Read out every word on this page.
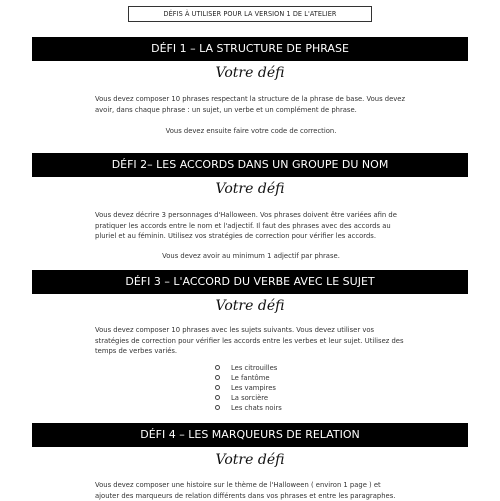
DÉFIS À UTILISER POUR LA VERSION 1 DE L'ATELIER
DÉFI 1 – LA STRUCTURE DE PHRASE
Votre défi
Vous devez composer 10 phrases respectant la structure de la phrase de base. Vous devez avoir, dans chaque phrase : un sujet, un verbe et un complément de phrase.
Vous devez ensuite faire votre code de correction.
DÉFI 2– LES ACCORDS DANS UN GROUPE DU NOM
Votre défi
Vous devez décrire 3 personnages d'Halloween. Vos phrases doivent être variées afin de pratiquer les accords entre le nom et l'adjectif. Il faut des phrases avec des accords au pluriel et au féminin. Utilisez vos stratégies de correction pour vérifier les accords.
Vous devez avoir au minimum 1 adjectif par phrase.
DÉFI 3 – L'ACCORD DU VERBE AVEC LE SUJET
Votre défi
Vous devez composer 10 phrases avec les sujets suivants. Vous devez utiliser vos stratégies de correction pour vérifier les accords entre les verbes et leur sujet. Utilisez des temps de verbes variés.
Les citrouilles
Le fantôme
Les vampires
La sorcière
Les chats noirs
DÉFI 4 – LES MARQUEURS DE RELATION
Votre défi
Vous devez composer une histoire sur le thème de l'Halloween ( environ 1 page ) et ajouter des marqueurs de relation différents dans vos phrases et entre les paragraphes.
